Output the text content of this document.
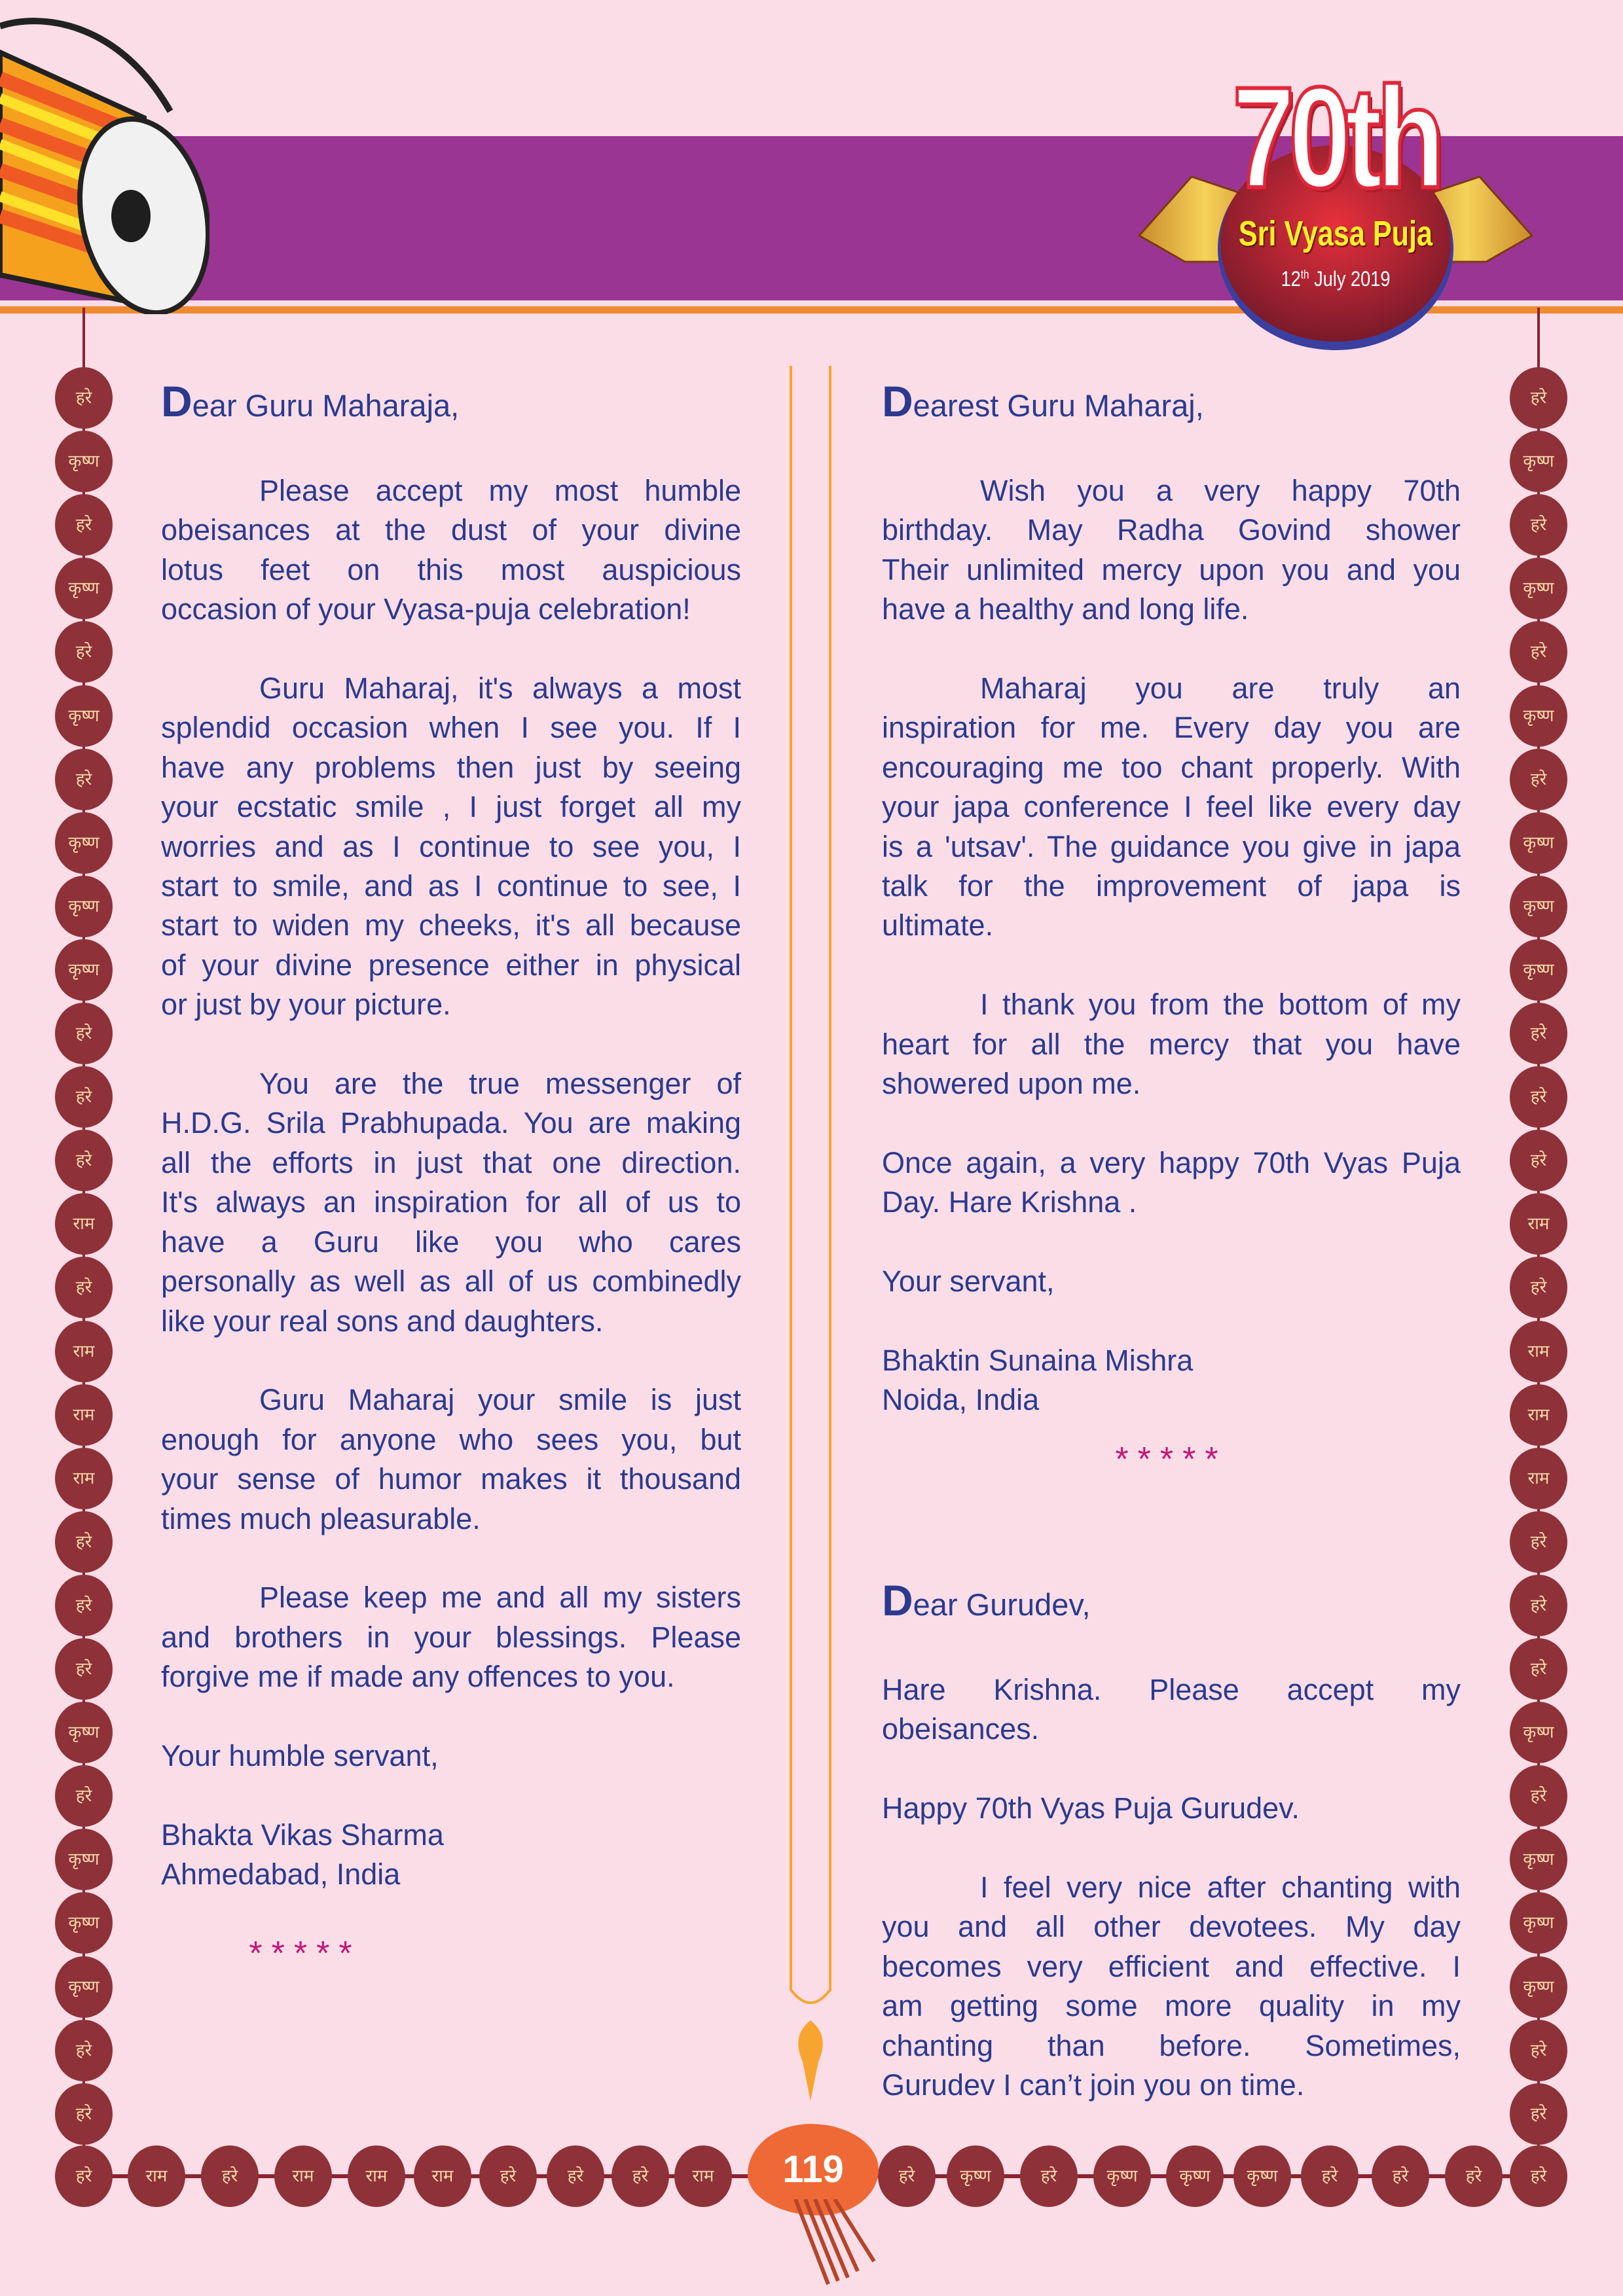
70th
Sri Vyasa Puja
12th July 2019
हरे	हरे
कृष्ण	कृष्ण
हरे	हरे
कृष्ण	कृष्ण
हरे	हरे
कृष्ण	कृष्ण
हरे	हरे
कृष्ण	कृष्ण
कृष्ण	कृष्ण
कृष्ण	कृष्ण
हरे	हरे
हरे	हरे
हरे	हरे
राम	राम
हरे	हरे
राम	राम
राम	राम
राम	राम
हरे	हरे
हरे	हरे
हरे	हरे
कृष्ण	कृष्ण
हरे	हरे
कृष्ण	कृष्ण
कृष्ण	कृष्ण
कृष्ण	कृष्ण
हरे	हरे
हरे	हरे
हरे	राम	हरे	राम	राम	राम	हरे	हरे	हरे	राम	हरे	कृष्ण	हरे	कृष्ण	कृष्ण	कृष्ण	हरे	हरे	हरे	हरे
119
Dear Guru Maharaja,
Please accept my most humble
obeisances at the dust of your divine
lotus feet on this most auspicious
occasion of your Vyasa-puja celebration!
Guru Maharaj, it's always a most
splendid occasion when I see you. If I
have any problems then just by seeing
your ecstatic smile , I just forget all my
worries and as I continue to see you, I
start to smile, and as I continue to see, I
start to widen my cheeks, it's all because
of your divine presence either in physical
or just by your picture.
You are the true messenger of
H.D.G. Srila Prabhupada. You are making
all the efforts in just that one direction.
It's always an inspiration for all of us to
have a Guru like you who cares
personally as well as all of us combinedly
like your real sons and daughters.
Guru Maharaj your smile is just
enough for anyone who sees you, but
your sense of humor makes it thousand
times much pleasurable.
Please keep me and all my sisters
and brothers in your blessings. Please
forgive me if made any offences to you.
Your humble servant,
Bhakta Vikas Sharma
Ahmedabad, India
*****
Dearest Guru Maharaj,
Wish you a very happy 70th
birthday. May Radha Govind shower
Their unlimited mercy upon you and you
have a healthy and long life.
Maharaj you are truly an
inspiration for me. Every day you are
encouraging me too chant properly. With
your japa conference I feel like every day
is a 'utsav'. The guidance you give in japa
talk for the improvement of japa is
ultimate.
I thank you from the bottom of my
heart for all the mercy that you have
showered upon me.
Once again, a very happy 70th Vyas Puja
Day. Hare Krishna .
Your servant,
Bhaktin Sunaina Mishra
Noida, India
*****
Dear Gurudev,
Hare Krishna. Please accept my
obeisances.
Happy 70th Vyas Puja Gurudev.
I feel very nice after chanting with
you and all other devotees. My day
becomes very efficient and effective. I
am getting some more quality in my
chanting than before. Sometimes,
Gurudev I can’t join you on time.
